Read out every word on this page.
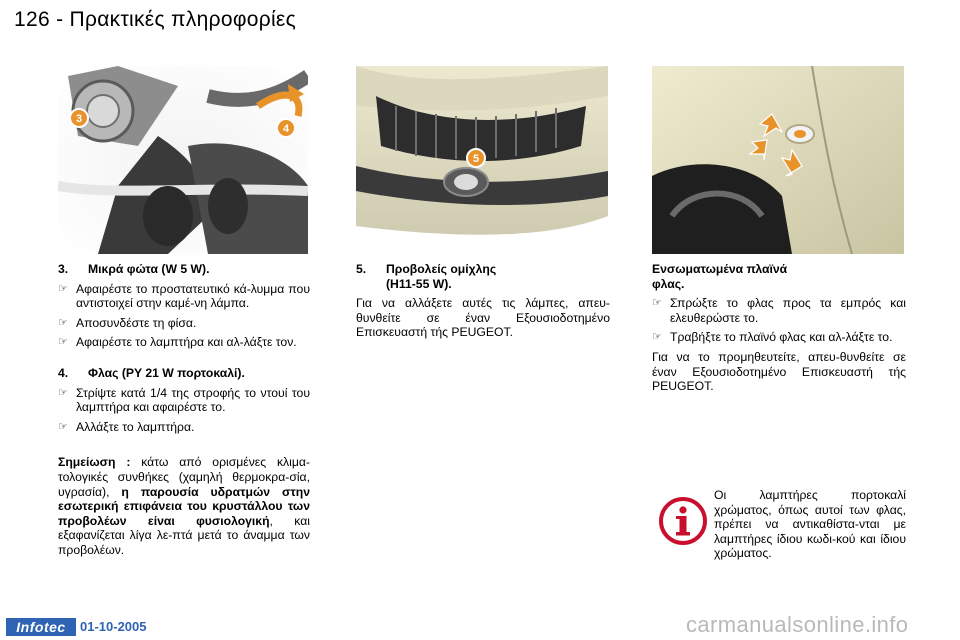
126 - Πρακτικές πληροφορίες
3
4
5
3.	Μικρά φώτα (W 5 W).
☞ Αφαιρέστε το προστατευτικό κά-λυμμα που αντιστοιχεί στην καμέ-νη λάμπα.
☞ Αποσυνδέστε τη φίσα.
☞ Αφαιρέστε το λαμπτήρα και αλ-λάξτε τον.
4.	Φλας (PY 21 W πορτοκαλί).
☞ Στρίψτε κατά 1/4 της στροφής το ντουί του λαμπτήρα και αφαιρέστε το.
☞ Αλλάξτε το λαμπτήρα.

Σημείωση : κάτω από ορισμένες κλιμα-τολογικές συνθήκες (χαμηλή θερμοκρα-σία, υγρασία), η παρουσία υδρατμών στην εσωτερική επιφάνεια του κρυστάλλου των προβολέων είναι φυσιολογική, και εξαφανίζεται λίγα λε-πτά μετά το άναμμα των προβολέων.

5.	Προβολείς ομίχλης
(H11-55 W).

Για να αλλάξετε αυτές τις λάμπες, απευ-θυνθείτε σε έναν Εξουσιοδοτημένο Επισκευαστή τής PEUGEOT.

Ενσωματωμένα πλαϊνά
φλας.
☞ Σπρώξτε το φλας προς τα εμπρός και ελευθερώστε το.
☞ Τραβήξτε το πλαϊνό φλας και αλ-λάξτε το.

Για να το προμηθευτείτε, απευ-θυνθείτε σε έναν Εξουσιοδοτημένο Επισκευαστή τής PEUGEOT.

Οι λαμπτήρες πορτοκαλί χρώματος, όπως αυτοί των φλας, πρέπει να αντικαθίστα-νται με λαμπτήρες ίδιου κωδι-κού και ίδιου χρώματος.
Infotec	01-10-2005	carmanualsonline.info
